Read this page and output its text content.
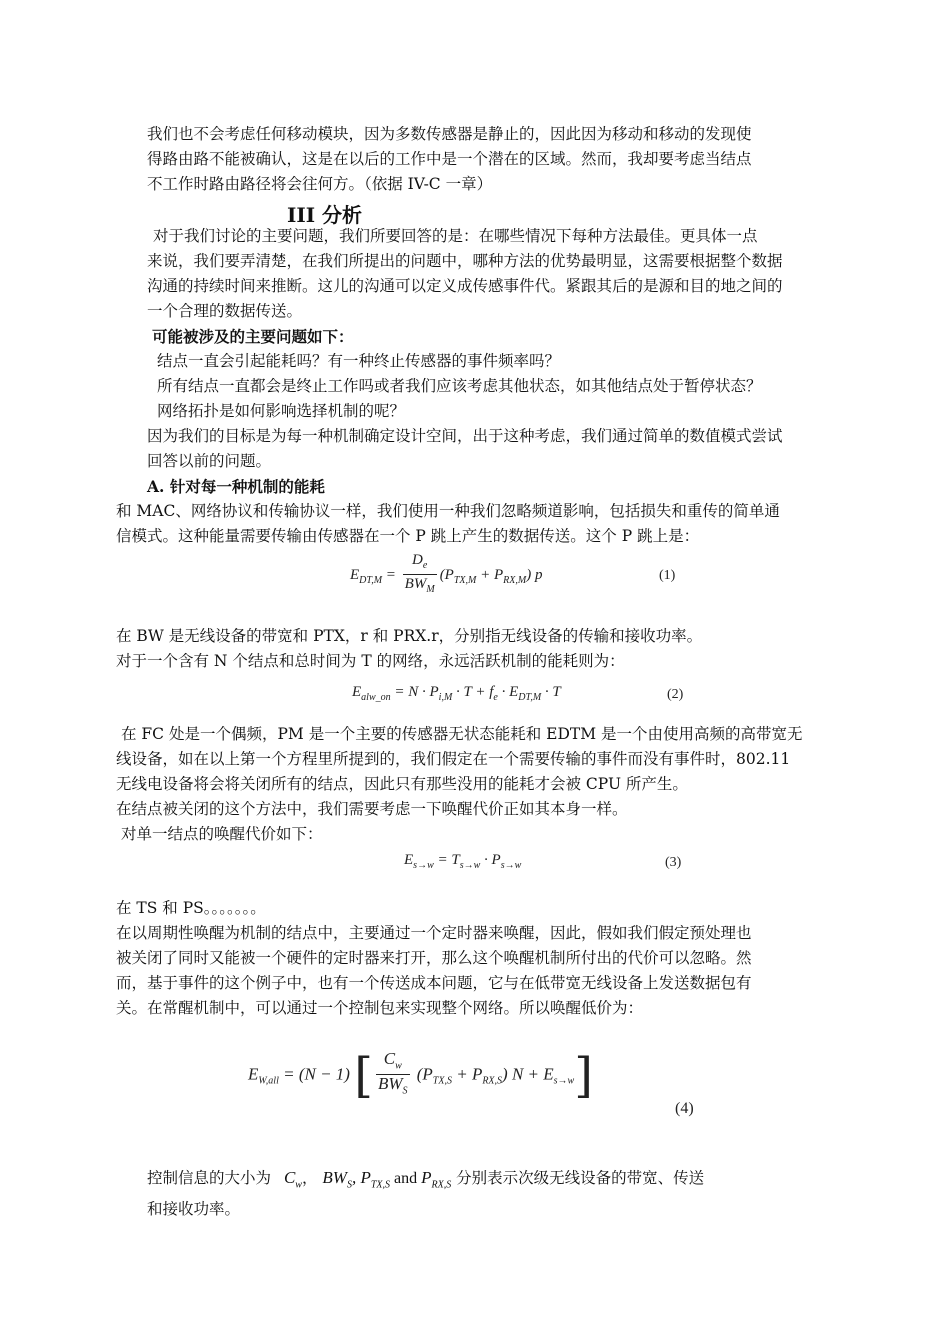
我们也不会考虑任何移动模块，因为多数传感器是静止的，因此因为移动和移动的发现使
得路由路不能被确认，这是在以后的工作中是一个潜在的区域。然而，我却要考虑当结点
不工作时路由路径将会往何方。（依据 IV-C 一章）
III 分析
对于我们讨论的主要问题，我们所要回答的是：在哪些情况下每种方法最佳。更具体一点
来说，我们要弄清楚，在我们所提出的问题中，哪种方法的优势最明显，这需要根据整个数据
沟通的持续时间来推断。这儿的沟通可以定义成传感事件代。紧跟其后的是源和目的地之间的
一个合理的数据传送。
可能被涉及的主要问题如下：
结点一直会引起能耗吗？有一种终止传感器的事件频率吗？
所有结点一直都会是终止工作吗或者我们应该考虑其他状态，如其他结点处于暂停状态？
网络拓扑是如何影响选择机制的呢？
因为我们的目标是为每一种机制确定设计空间，出于这种考虑，我们通过简单的数值模式尝试
回答以前的问题。
A. 针对每一种机制的能耗
和 MAC、网络协议和传输协议一样，我们使用一种我们忽略频道影响，包括损失和重传的简单通
信模式。这种能量需要传输由传感器在一个 P 跳上产生的数据传送。这个 P 跳上是：
$E_{DT,M} = \frac{D_e}{BW_M} (P_{TX,M} + P_{RX,M})$ p	(1)
在 BW 是无线设备的带宽和 PTX，r 和 PRX.r，分别指无线设备的传输和接收功率。
对于一个含有 N 个结点和总时间为 T 的网络，永远活跃机制的能耗则为：
$E_{alw\_on} = N \cdot P_{i,M} \cdot T + f_e \cdot E_{DT,M} \cdot T$	(2)
在 FC 处是一个偶频，PM 是一个主要的传感器无状态能耗和 EDTM 是一个由使用高频的高带宽无
线设备，如在以上第一个方程里所提到的，我们假定在一个需要传输的事件而没有事件时，802.11
无线电设备将会将关闭所有的结点，因此只有那些没用的能耗才会被 CPU 所产生。
在结点被关闭的这个方法中，我们需要考虑一下唤醒代价正如其本身一样。
对单一结点的唤醒代价如下：
$E_{s\to w} = T_{s\to w} \cdot P_{s\to w}$	(3)
在 TS 和 PS。。。。。。。
在以周期性唤醒为机制的结点中，主要通过一个定时器来唤醒，因此，假如我们假定预处理也
被关闭了同时又能被一个硬件的定时器来打开，那么这个唤醒机制所付出的代价可以忽略。然
而，基于事件的这个例子中，也有一个传送成本问题，它与在低带宽无线设备上发送数据包有
关。在常醒机制中，可以通过一个控制包来实现整个网络。所以唤醒低价为：
$E_{W,all} = (N - 1)$ [ $\frac{C_w}{BW_S} (P_{TX,S} + P_{RX,S}) N + E_{s\to w}$]
(4)
控制信息的大小为 $C_w$， $BW_S$, $P_{TX,S}$ and $P_{RX,S}$ 分别表示次级无线设备的带宽、传送
和接收功率。
